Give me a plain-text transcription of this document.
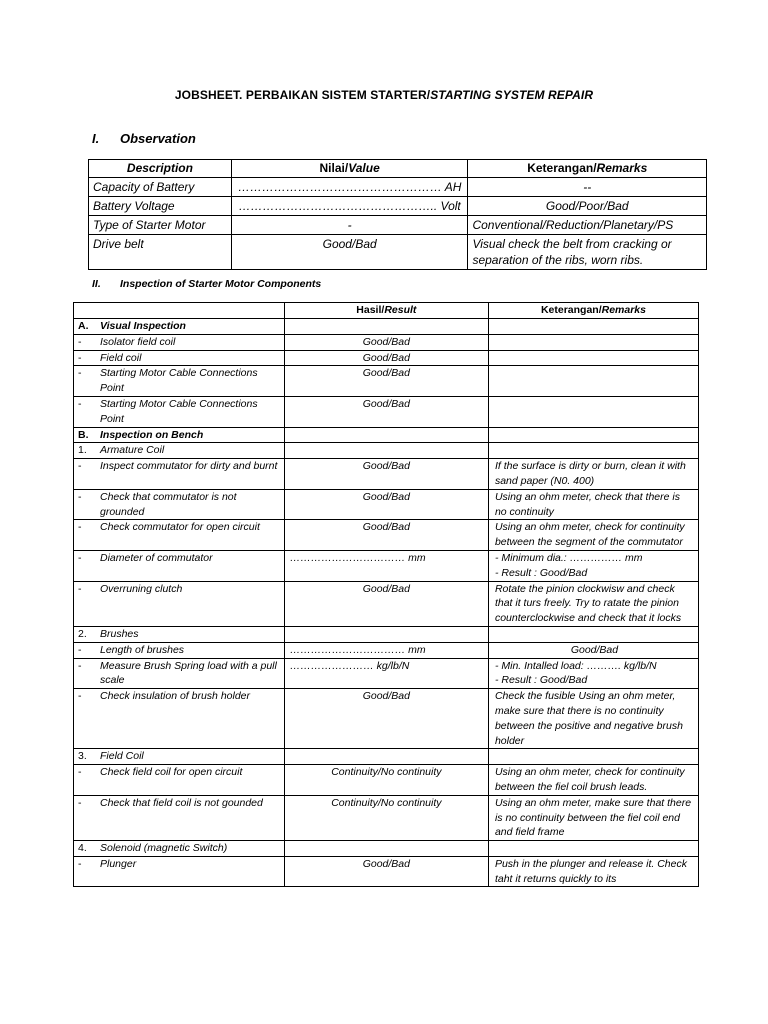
JOBSHEET. PERBAIKAN SISTEM STARTER/STARTING SYSTEM REPAIR
I. Observation
Description	Nilai/Value	Keterangan/Remarks
Capacity of Battery	…………………………………………… AH	--
Battery Voltage	………………………………………….. Volt	Good/Poor/Bad
Type of Starter Motor	-	Conventional/Reduction/Planetary/PS
Drive belt	Good/Bad	Visual check the belt from cracking or separation of the ribs, worn ribs.
II. Inspection of Starter Motor Components
	Hasil/Result	Keterangan/Remarks
A. Visual Inspection		
- Isolator field coil	Good/Bad	
- Field coil	Good/Bad	
- Starting Motor Cable Connections Point	Good/Bad	
- Starting Motor Cable Connections Point	Good/Bad	
B. Inspection on Bench		
1. Armature Coil		
- Inspect commutator for dirty and burnt	Good/Bad	If the surface is dirty or burn, clean it with sand paper (N0. 400)

- Check that commutator is not grounded	Good/Bad	Using an ohm meter, check that there is no continuity

- Check commutator for open circuit	Good/Bad	Using an ohm meter, check for continuity between the segment of the commutator

- Diameter of commutator	…………………………… mm	- Minimum dia.: …………… mm
- Result : Good/Bad

- Overruning clutch	Good/Bad	Rotate the pinion clockwisw and check that it turs freely. Try to ratate the pinion counterclockwise and check that it locks

2. Brushes		
- Length of brushes	…………………………… mm	Good/Bad

- Measure Brush Spring load with a pull scale	…………………… kg/lb/N	- Min. Intalled load: ………. kg/lb/N
- Result : Good/Bad

- Check insulation of brush holder	Good/Bad	Check the fusible Using an ohm meter, make sure that there is no continuity between the positive and negative brush holder

3. Field Coil		
- Check field coil for open circuit	Continuity/No continuity	Using an ohm meter, check for continuity between the fiel coil brush leads.

- Check that field coil is not gounded	Continuity/No continuity	Using an ohm meter, make sure that there is no continuity between the fiel coil end and field frame

4. Solenoid (magnetic Switch)		
- Plunger	Good/Bad	Push in the plunger and release it. Check taht it returns quickly to its
